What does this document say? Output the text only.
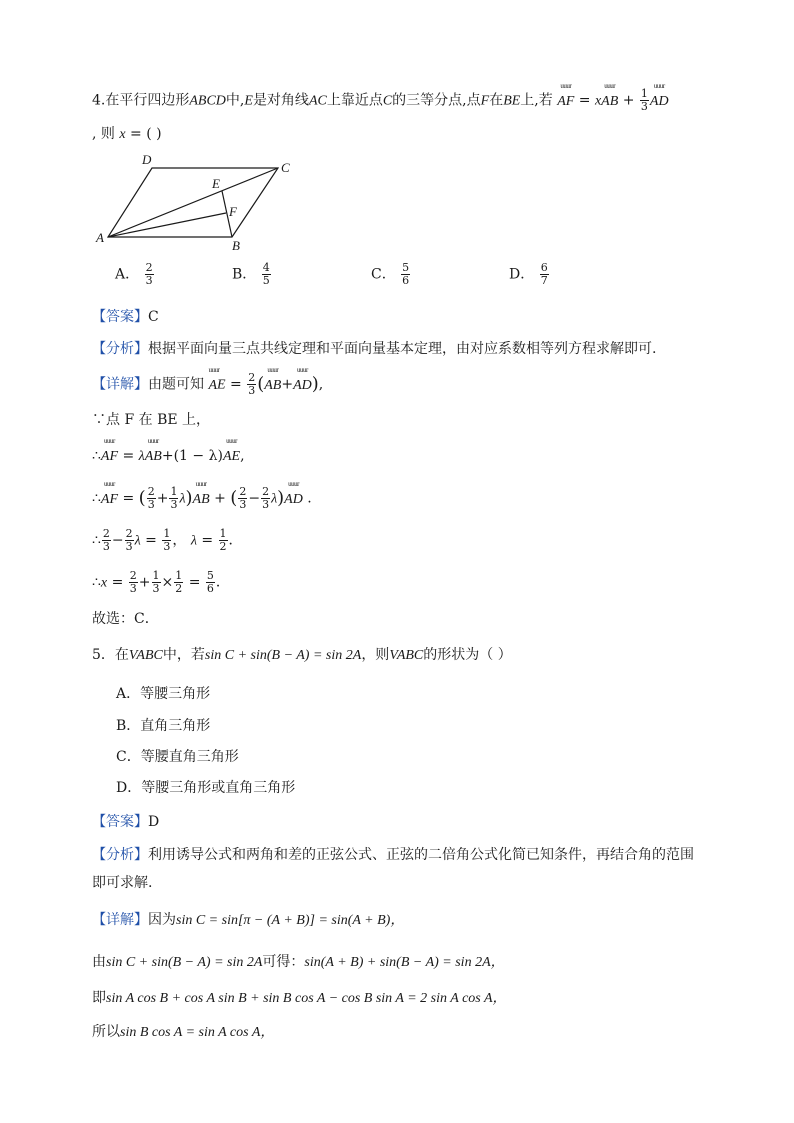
4.在平行四边形ABCD中,E是对角线AC上靠近点C的三等分点,点F在BE上,若 uuur AF = xuuur AB + $\frac{1}{3}$ uuur AD
, 则 x = ( )
A
B
C
D
E
F
A． $\frac{2}{3}$	B． $\frac{4}{5}$	C． $\frac{5}{6}$	D． $\frac{6}{7}$
【答案】C
【分析】根据平面向量三点共线定理和平面向量基本定理，由对应系数相等列方程求解即可.
【详解】由题可知 uuur AE = $\frac{2}{3}$ (uuur AB+uuur AD),
∵点 F 在 BE 上，
∴uuur AF = λuuur AB+(1 − λ)uuur AE,
∴uuur AF = ( $\frac{2}{3} + \frac{1}{3}$ λ)uuur AB + ( $\frac{2}{3} - \frac{2}{3}$ λ)uuur AD .
∴ $\frac{2}{3} - \frac{2}{3}$ $\lambda = \frac{1}{3}$ ， $\lambda = \frac{1}{2}$ ．
∴x = $\frac{2}{3} + \frac{1}{3} \times \frac{1}{2} = \frac{5}{6}$ ．
故选：C．
5．在VABC中，若sin C + sin(B − A) = sin 2A，则VABC的形状为（ ）
A．等腰三角形
B．直角三角形
C．等腰直角三角形
D．等腰三角形或直角三角形
【答案】D
【分析】利用诱导公式和两角和差的正弦公式、正弦的二倍角公式化简已知条件，再结合角的范围
即可求解.
【详解】因为sin C = sin[π − (A + B)] = sin(A + B)，
由sin C + sin(B − A) = sin 2A可得：sin(A + B) + sin(B − A) = sin 2A，
即sin A cos B + cos A sin B + sin B cos A − cos B sin A = 2 sin A cos A，
所以sin B cos A = sin A cos A，
